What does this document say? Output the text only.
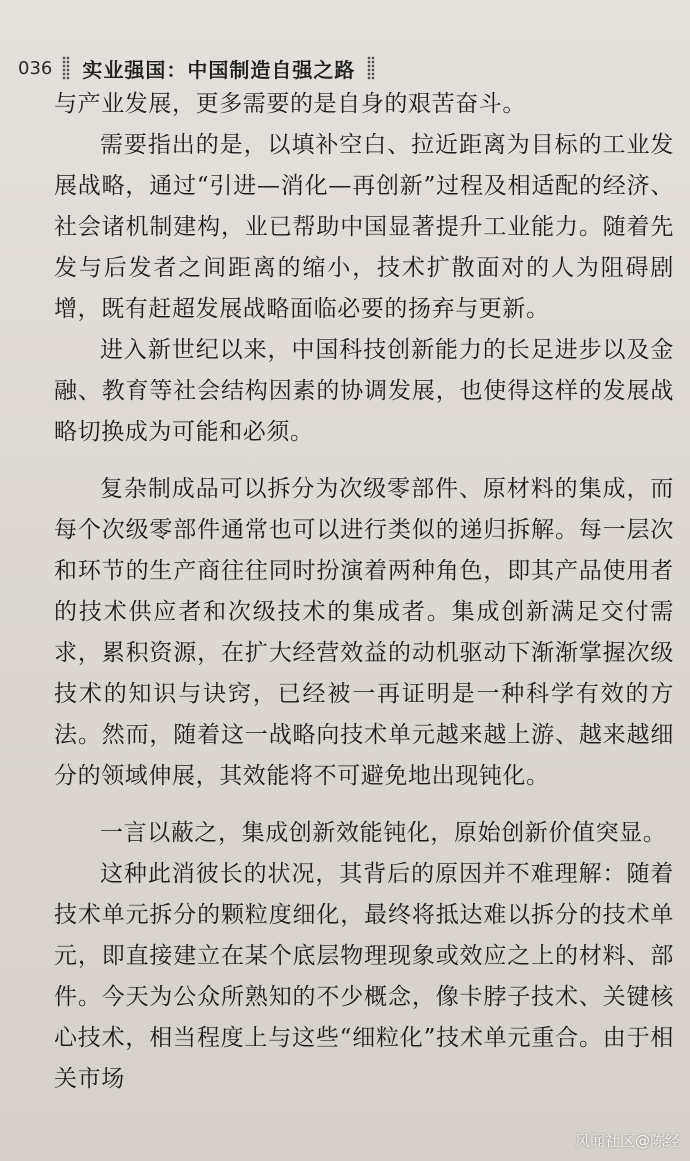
036 实业强国：中国制造自强之路

与产业发展，更多需要的是自身的艰苦奋斗。

需要指出的是，以填补空白、拉近距离为目标的工业发展战略，通过“引进—消化—再创新”过程及相适配的经济、社会诸机制建构，业已帮助中国显著提升工业能力。随着先发与后发者之间距离的缩小，技术扩散面对的人为阻碍剧增，既有赶超发展战略面临必要的扬弃与更新。

进入新世纪以来，中国科技创新能力的长足进步以及金融、教育等社会结构因素的协调发展，也使得这样的发展战略切换成为可能和必须。

复杂制成品可以拆分为次级零部件、原材料的集成，而每个次级零部件通常也可以进行类似的递归拆解。每一层次和环节的生产商往往同时扮演着两种角色，即其产品使用者的技术供应者和次级技术的集成者。集成创新满足交付需求，累积资源，在扩大经营效益的动机驱动下渐渐掌握次级技术的知识与诀窍，已经被一再证明是一种科学有效的方法。然而，随着这一战略向技术单元越来越上游、越来越细分的领域伸展，其效能将不可避免地出现钝化。

一言以蔽之，集成创新效能钝化，原始创新价值突显。

这种此消彼长的状况，其背后的原因并不难理解：随着技术单元拆分的颗粒度细化，最终将抵达难以拆分的技术单元，即直接建立在某个底层物理现象或效应之上的材料、部件。今天为公众所熟知的不少概念，像卡脖子技术、关键核心技术，相当程度上与这些“细粒化”技术单元重合。由于相关市场

风闻社区@陈经
